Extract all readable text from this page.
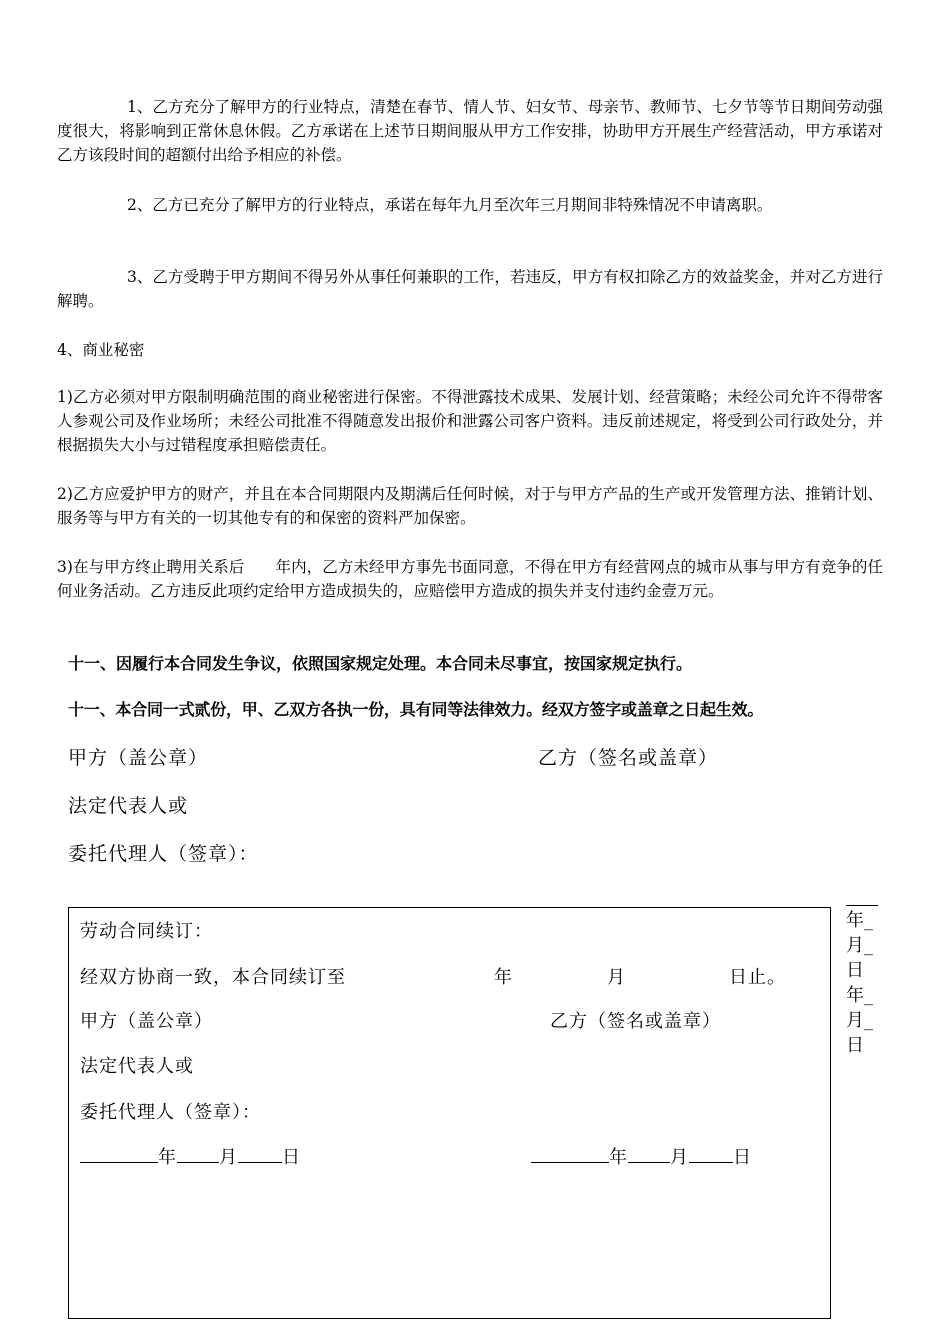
1、乙方充分了解甲方的行业特点，清楚在春节、情人节、妇女节、母亲节、教师节、七夕节等节日期间劳动强度很大，将影响到正常休息休假。乙方承诺在上述节日期间服从甲方工作安排，协助甲方开展生产经营活动，甲方承诺对乙方该段时间的超额付出给予相应的补偿。
2、乙方已充分了解甲方的行业特点，承诺在每年九月至次年三月期间非特殊情况不申请离职。
3、乙方受聘于甲方期间不得另外从事任何兼职的工作，若违反，甲方有权扣除乙方的效益奖金，并对乙方进行解聘。
4、商业秘密
1)乙方必须对甲方限制明确范围的商业秘密进行保密。不得泄露技术成果、发展计划、经营策略；未经公司允许不得带客人参观公司及作业场所；未经公司批准不得随意发出报价和泄露公司客户资料。违反前述规定，将受到公司行政处分，并根据损失大小与过错程度承担赔偿责任。
2)乙方应爱护甲方的财产，并且在本合同期限内及期满后任何时候，对于与甲方产品的生产或开发管理方法、推销计划、服务等与甲方有关的一切其他专有的和保密的资料严加保密。
3)在与甲方终止聘用关系后　　年内，乙方未经甲方事先书面同意，不得在甲方有经营网点的城市从事与甲方有竞争的任何业务活动。乙方违反此项约定给甲方造成损失的，应赔偿甲方造成的损失并支付违约金壹万元。
十一、因履行本合同发生争议，依照国家规定处理。本合同未尽事宜，按国家规定执行。
十一、本合同一式贰份，甲、乙双方各执一份，具有同等法律效力。经双方签字或盖章之日起生效。
甲方（盖公章）	乙方（签名或盖章）
法定代表人或
委托代理人（签章）：
劳动合同续订：
经双方协商一致，本合同续订至	年	月	日止。
甲方（盖公章）	乙方（签名或盖章）
法定代表人或
委托代理人（签章）：
年 月 日	年 月 日
年_
月_
日
年_
月_
日
